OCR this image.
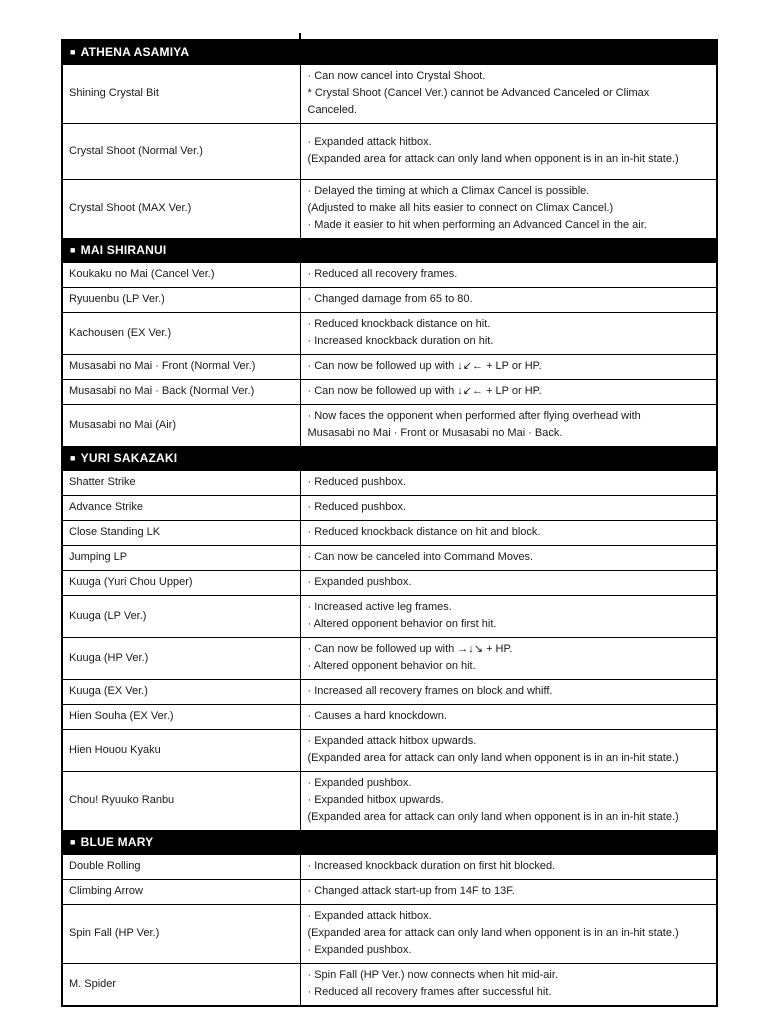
■ ATHENA ASAMIYA	

Shining Crystal Bit	· Can now cancel into Crystal Shoot.
* Crystal Shoot (Cancel Ver.) cannot be Advanced Canceled or Climax
Canceled.

Crystal Shoot (Normal Ver.)	· Expanded attack hitbox.
(Expanded area for attack can only land when opponent is in an in-hit state.)

Crystal Shoot (MAX Ver.)	· Delayed the timing at which a Climax Cancel is possible.
(Adjusted to make all hits easier to connect on Climax Cancel.)
· Made it easier to hit when performing an Advanced Cancel in the air.

■ MAI SHIRANUI	

Koukaku no Mai (Cancel Ver.)	· Reduced all recovery frames.

Ryuuenbu (LP Ver.)	· Changed damage from 65 to 80.

Kachousen (EX Ver.)	· Reduced knockback distance on hit.
· Increased knockback duration on hit.

Musasabi no Mai · Front (Normal Ver.)	· Can now be followed up with ↓↙← + LP or HP.

Musasabi no Mai · Back (Normal Ver.)	· Can now be followed up with ↓↙← + LP or HP.

Musasabi no Mai (Air)	· Now faces the opponent when performed after flying overhead with
Musasabi no Mai · Front or Musasabi no Mai · Back.

■ YURI SAKAZAKI	

Shatter Strike	· Reduced pushbox.

Advance Strike	· Reduced pushbox.

Close Standing LK	· Reduced knockback distance on hit and block.

Jumping LP	· Can now be canceled into Command Moves.

Kuuga (Yuri Chou Upper)	· Expanded pushbox.

Kuuga (LP Ver.)	· Increased active leg frames.
· Altered opponent behavior on first hit.

Kuuga (HP Ver.)	· Can now be followed up with →↓↘ + HP.
· Altered opponent behavior on hit.

Kuuga (EX Ver.)	· Increased all recovery frames on block and whiff.

Hien Souha (EX Ver.)	· Causes a hard knockdown.

Hien Houou Kyaku	· Expanded attack hitbox upwards.
(Expanded area for attack can only land when opponent is in an in-hit state.)

Chou! Ryuuko Ranbu	· Expanded pushbox.
· Expanded hitbox upwards.
(Expanded area for attack can only land when opponent is in an in-hit state.)

■ BLUE MARY	

Double Rolling	· Increased knockback duration on first hit blocked.

Climbing Arrow	· Changed attack start-up from 14F to 13F.

Spin Fall (HP Ver.)	· Expanded attack hitbox.
(Expanded area for attack can only land when opponent is in an in-hit state.)
· Expanded pushbox.

M. Spider	· Spin Fall (HP Ver.) now connects when hit mid-air.
· Reduced all recovery frames after successful hit.
